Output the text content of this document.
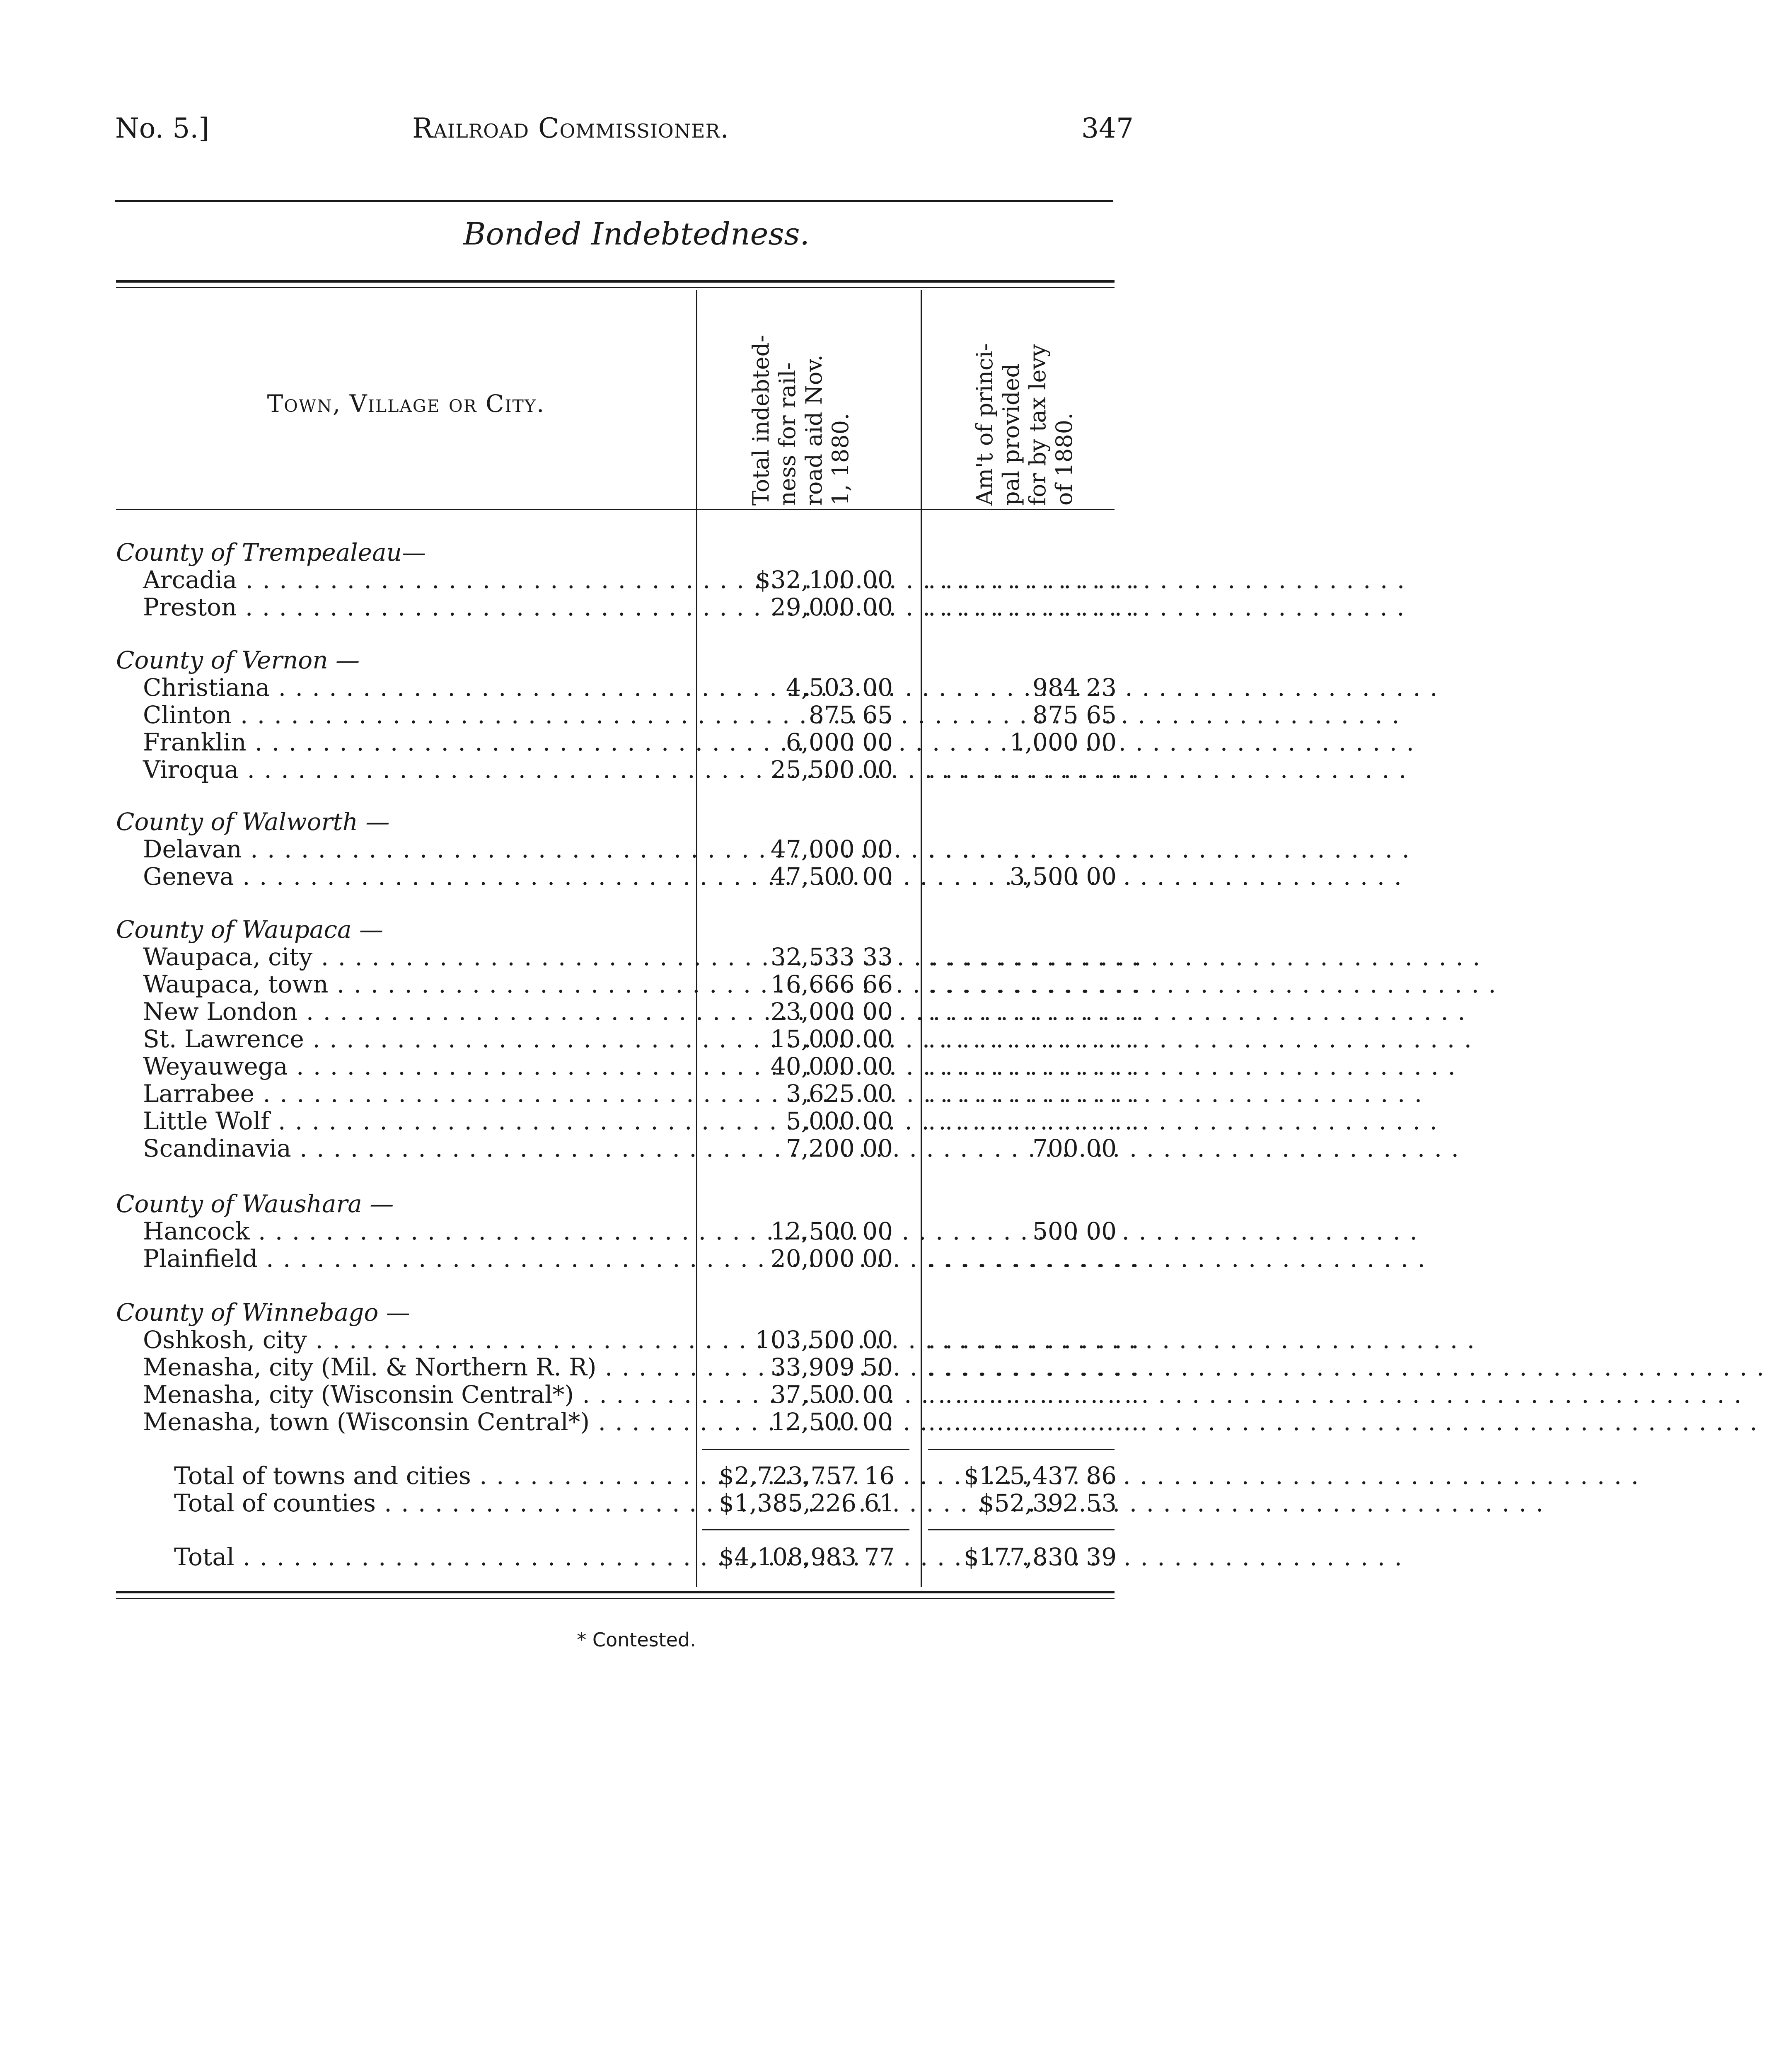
No. 5.]	Railroad Commissioner.	347
Bonded Indebtedness.
Town, Village or City.	Total indebted- ness for rail- road aid Nov. 1, 1880.	Am't of princi- pal provided for by tax levy of 1880.
County of Trempealeau—
Arcadia . . .	$32,100 00 . . . . . . . . . . . . .
Preston . . .	29,000 00 . . . . . . . . . . . . .
County of Vernon —
Christiana . . .	4,503 00	984 23
Clinton . . .	875 65	875 65
Franklin . . .	6,000 00	1,000 00
Viroqua . . .	25,500 00 . . . . . . . . . . . . .
County of Walworth —
Delavan . . .	47,000 00 . . . . . . . . . . . . .
Geneva . . .	47,500 00	3,500 00
County of Waupaca —
Waupaca, city . . .	32,533 33 . . . . . . . . . . . . .
Waupaca, town . . .	16,666 66 . . . . . . . . . . . . .
New London . . .	23,000 00 . . . . . . . . . . . . .
St. Lawrence . . .	15,000 00 . . . . . . . . . . . . .
Weyauwega . . .	40,000 00 . . . . . . . . . . . . .
Larrabee . . .	3,625 00 . . . . . . . . . . . . .
Little Wolf . . .	5,000 00 . . . . . . . . . . . . .
Scandinavia . . .	7,200 00	700 00
County of Waushara —
Hancock . . .	12,500 00	500 00
Plainfield . . .	20,000 00 . . . . . . . . . . . . .
County of Winnebago —
Oshkosh, city . . .	103,500 00 . . . . . . . . . . . . .
Menasha, city (Mil. & Northern R. R) . . .	33,909 50 . . . . . . . . . . . . .
Menasha, city (Wisconsin Central*) . . .	37,500 00 . . . . . . . . . . . . .
Menasha, town (Wisconsin Central*) . . .	12,500 00 . . . . . . . . . . . . .
Total of towns and cities . . .	$2,723,757 16	$125,437 86
Total of counties . . .	$1,385,226 61	$52,392 53
Total . . .	$4,108,983 77	$177,830 39
* Contested.
